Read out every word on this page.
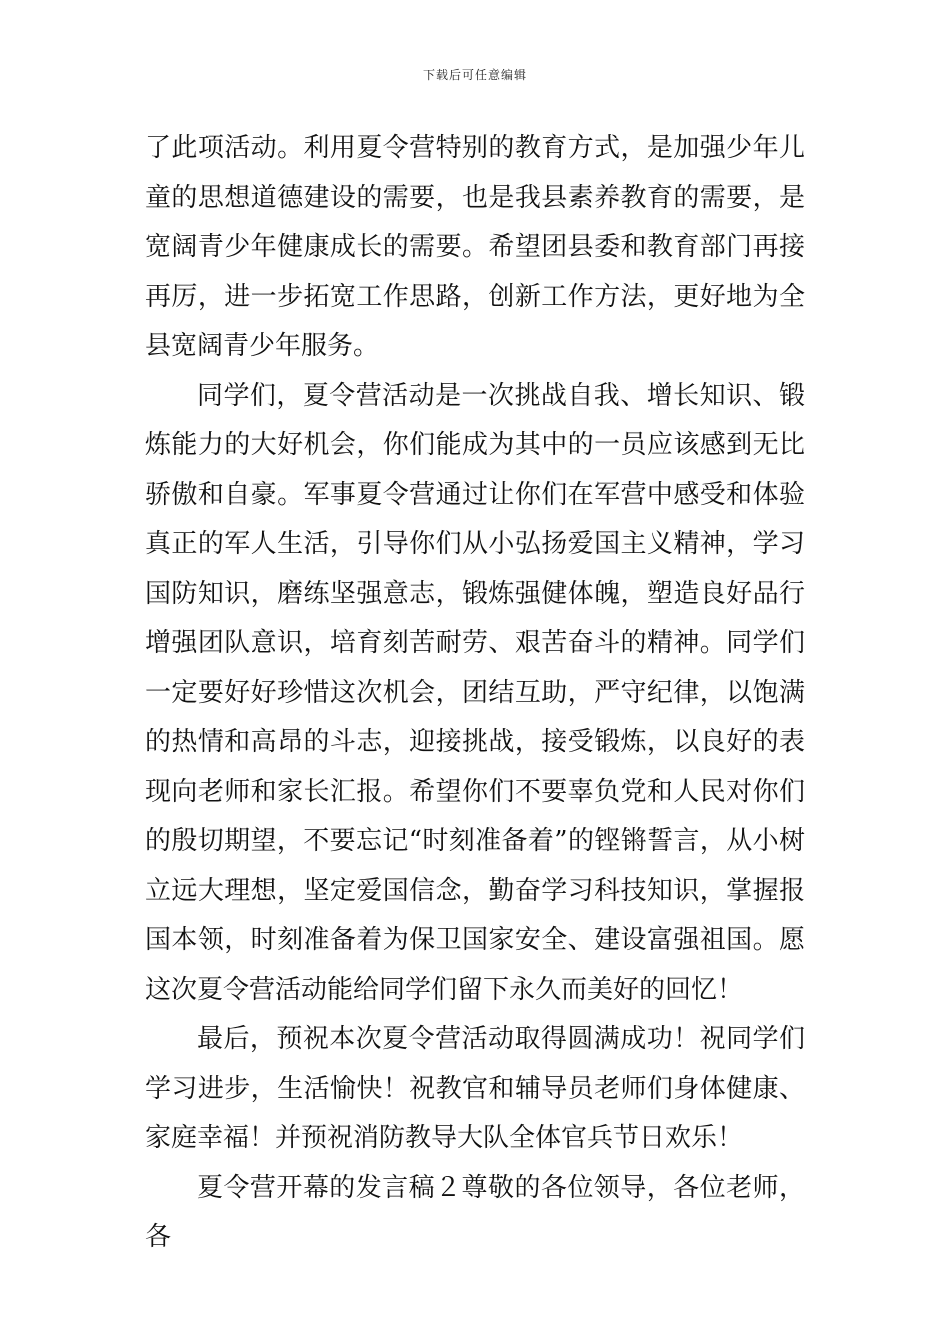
下载后可任意编辑

了此项活动。利用夏令营特别的教育方式，是加强少年儿童的思想道德建设的需要，也是我县素养教育的需要，是宽阔青少年健康成长的需要。希望团县委和教育部门再接再厉，进一步拓宽工作思路，创新工作方法，更好地为全县宽阔青少年服务。

同学们，夏令营活动是一次挑战自我、增长知识、锻炼能力的大好机会，你们能成为其中的一员应该感到无比骄傲和自豪。军事夏令营通过让你们在军营中感受和体验真正的军人生活，引导你们从小弘扬爱国主义精神，学习国防知识，磨练坚强意志，锻炼强健体魄，塑造良好品行增强团队意识，培育刻苦耐劳、艰苦奋斗的精神。同学们一定要好好珍惜这次机会，团结互助，严守纪律，以饱满的热情和高昂的斗志，迎接挑战，接受锻炼，以良好的表现向老师和家长汇报。希望你们不要辜负党和人民对你们的殷切期望，不要忘记“时刻准备着”的铿锵誓言，从小树立远大理想，坚定爱国信念，勤奋学习科技知识，掌握报国本领，时刻准备着为保卫国家安全、建设富强祖国。愿这次夏令营活动能给同学们留下永久而美好的回忆！

最后，预祝本次夏令营活动取得圆满成功！祝同学们学习进步，生活愉快！祝教官和辅导员老师们身体健康、家庭幸福！并预祝消防教导大队全体官兵节日欢乐！

夏令营开幕的发言稿２尊敬的各位领导，各位老师，各
